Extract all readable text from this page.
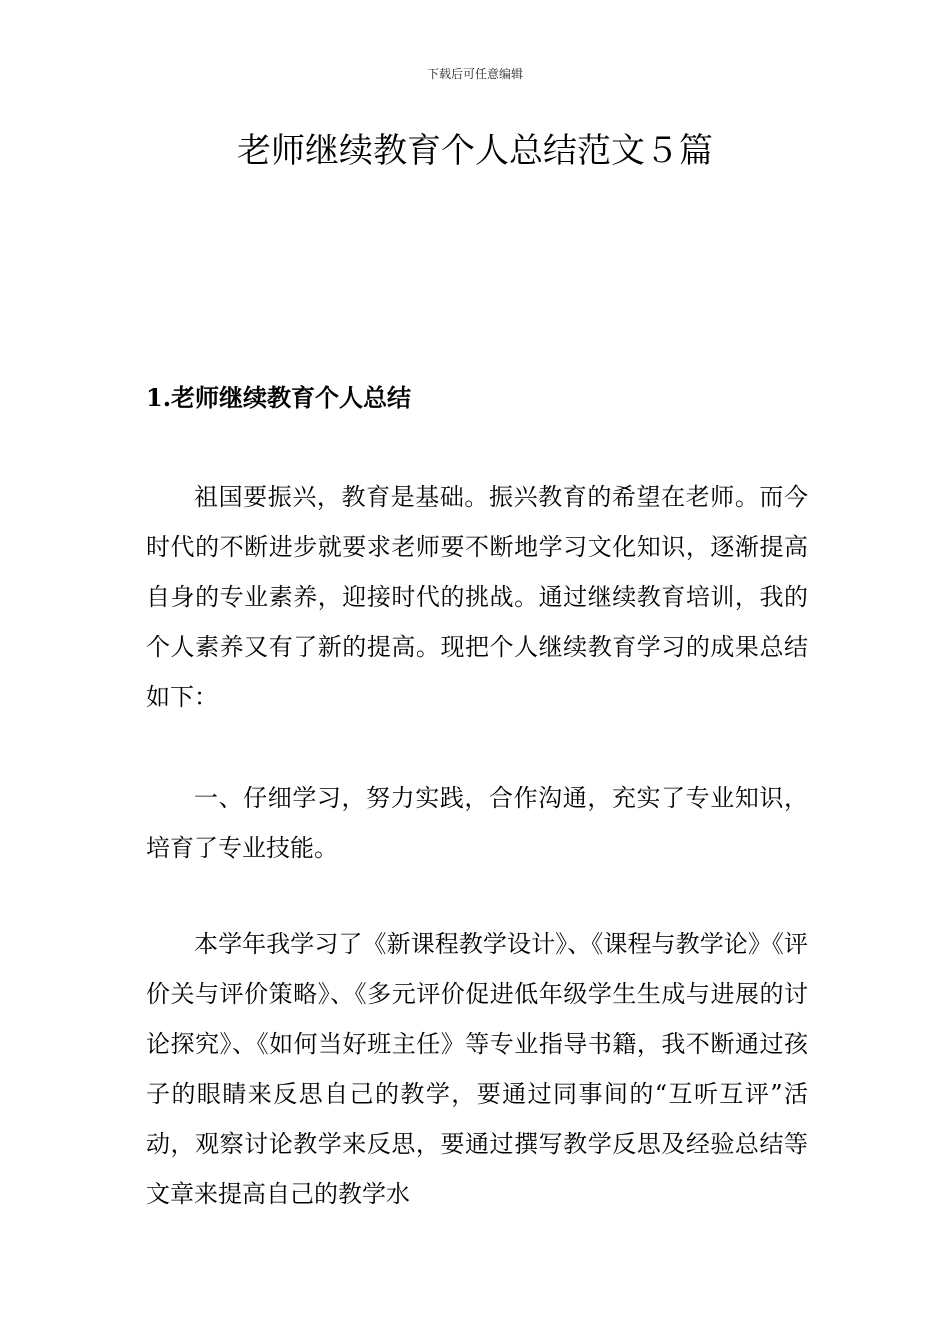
下载后可任意编辑
老师继续教育个人总结范文５篇
1.老师继续教育个人总结

祖国要振兴，教育是基础。振兴教育的希望在老师。而今时代的不断进步就要求老师要不断地学习文化知识，逐渐提高自身的专业素养，迎接时代的挑战。通过继续教育培训，我的个人素养又有了新的提高。现把个人继续教育学习的成果总结如下：

一、仔细学习，努力实践，合作沟通，充实了专业知识，培育了专业技能。

本学年我学习了《新课程教学设计》、《课程与教学论》《评价关与评价策略》、《多元评价促进低年级学生生成与进展的讨论探究》、《如何当好班主任》等专业指导书籍，我不断通过孩子的眼睛来反思自己的教学，要通过同事间的“互听互评”活动，观察讨论教学来反思，要通过撰写教学反思及经验总结等文章来提高自己的教学水
